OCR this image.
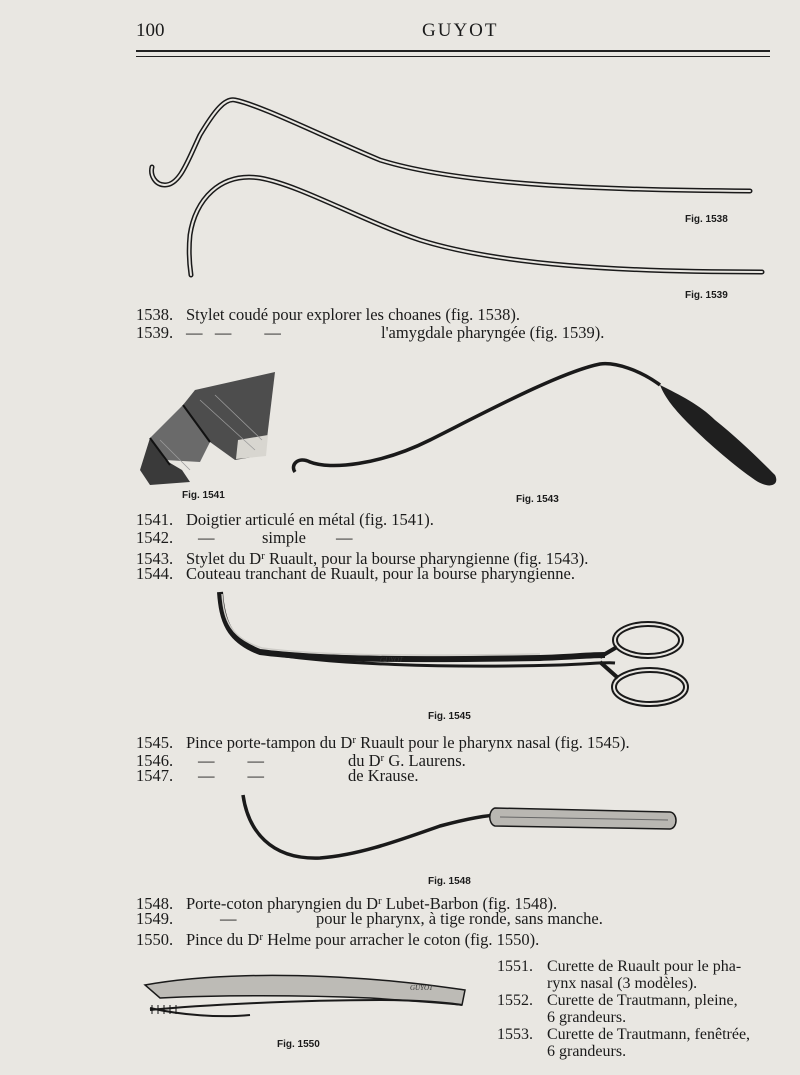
100	GUYOT
GUYOT
GUYOT
Fig. 1538
Fig. 1539
Fig. 1541	Fig. 1543
Fig. 1545
Fig. 1548
Fig. 1550
1538. Stylet coudé pour explorer les choanes (fig. 1538).
1539. —   —        —	l'amygdale pharyngée (fig. 1539).
1541. Doigtier articulé en métal (fig. 1541).
1542. —	simple —
1543. Stylet du $D^r$ Ruault, pour la bourse pharyngienne (fig. 1543).
1544. Couteau tranchant de Ruault, pour la bourse pharyngienne.
1545. Pince porte-tampon du $D^r$ Ruault pour le pharynx nasal (fig. 1545).
1546. —        —	du $D^r$ G. Laurens.
1547. —        —	de Krause.
1548. Porte-coton pharyngien du $D^r$ Lubet-Barbon (fig. 1548).
1549.	—	pour le pharynx, à tige ronde, sans manche.
1550. Pince du $D^r$ Helme pour arracher le coton (fig. 1550).
1551. Curette de Ruault pour le pha-
rynx nasal (3 modèles).
1552. Curette de Trautmann, pleine,
6 grandeurs.
1553. Curette de Trautmann, fenêtrée,
6 grandeurs.
